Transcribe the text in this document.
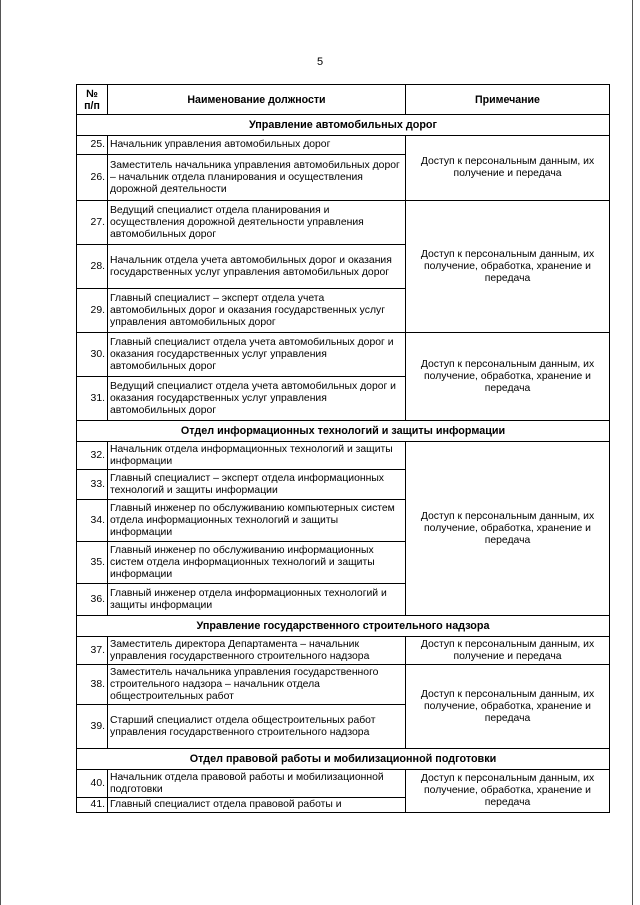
5
№
п/п	Наименование должности	Примечание
Управление автомобильных дорог		
25.	Начальник управления автомобильных дорог	Доступ к персональным данным, их получение и передача
26.	Заместитель начальника управления автомобильных дорог – начальник отдела планирования и осуществления дорожной деятельности	
27.	Ведущий специалист отдела планирования и осуществления дорожной деятельности управления автомобильных дорог	Доступ к персональным данным, их получение, обработка, хранение и передача
28.	Начальник отдела учета автомобильных дорог и оказания государственных услуг управления автомобильных дорог	
29.	Главный специалист – эксперт отдела учета автомобильных дорог и оказания государственных услуг управления автомобильных дорог	
30.	Главный специалист отдела учета автомобильных дорог и оказания государственных услуг управления автомобильных дорог	Доступ к персональным данным, их получение, обработка, хранение и передача
31.	Ведущий специалист отдела учета автомобильных дорог и оказания государственных услуг управления автомобильных дорог	
Отдел информационных технологий и защиты информации		
32.	Начальник отдела информационных технологий и защиты информации	Доступ к персональным данным, их получение, обработка, хранение и передача
33.	Главный специалист – эксперт отдела информационных технологий и защиты информации	
34.	Главный инженер по обслуживанию компьютерных систем отдела информационных технологий и защиты информации	
35.	Главный инженер по обслуживанию информационных систем отдела информационных технологий и защиты информации	
36.	Главный инженер отдела информационных технологий и защиты информации	
Управление государственного строительного надзора		
37.	Заместитель директора Департамента – начальник управления государственного строительного надзора	Доступ к персональным данным, их получение и передача
38.	Заместитель начальника управления государственного строительного надзора – начальник отдела общестроительных работ	Доступ к персональным данным, их получение, обработка, хранение и передача
39.	Старший специалист отдела общестроительных работ управления государственного строительного надзора	
Отдел правовой работы и мобилизационной подготовки		
40.	Начальник отдела правовой работы и мобилизационной подготовки	Доступ к персональным данным, их получение, обработка, хранение и передача
41.	Главный специалист отдела правовой работы и	
